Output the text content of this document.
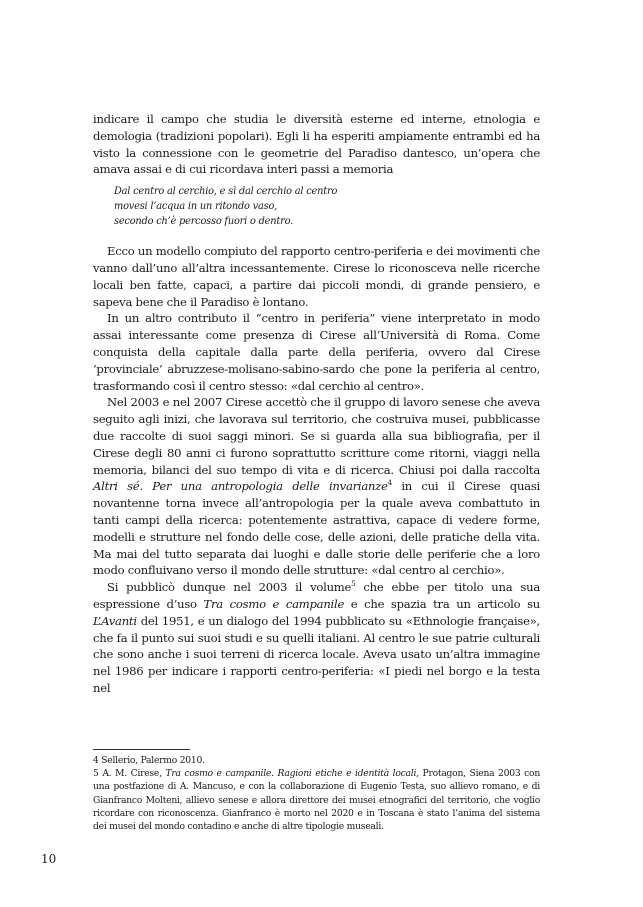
indicare il campo che studia le diversità esterne ed interne, etnologia e demologia (tradizioni popolari). Egli li ha esperiti ampiamente entrambi ed ha visto la connessione con le geometrie del Paradiso dantesco, un’opera che amava assai e di cui ricordava interi passi a memoria

Dal centro al cerchio, e sì dal cerchio al centro
movesi l’acqua in un ritondo vaso,
secondo ch’è percosso fuori o dentro.

Ecco un modello compiuto del rapporto centro-periferia e dei movimenti che vanno dall’uno all’altra incessantemente. Cirese lo riconosceva nelle ricerche locali ben fatte, capaci, a partire dai piccoli mondi, di grande pensiero, e sapeva bene che il Paradiso è lontano.

In un altro contributo il “centro in periferia” viene interpretato in modo assai interessante come presenza di Cirese all’Università di Roma. Come conquista della capitale dalla parte della periferia, ovvero dal Cirese ‘provinciale’ abruzzese-molisano-sabino-sardo che pone la periferia al centro, trasformando così il centro stesso: «dal cerchio al centro».

Nel 2003 e nel 2007 Cirese accettò che il gruppo di lavoro senese che aveva seguito agli inizi, che lavorava sul territorio, che costruiva musei, pubblicasse due raccolte di suoi saggi minori. Se si guarda alla sua bibliografia, per il Cirese degli 80 anni ci furono soprattutto scritture come ritorni, viaggi nella memoria, bilanci del suo tempo di vita e di ricerca. Chiusi poi dalla raccolta Altri sé. Per una antropologia delle invarianze$^4$ in cui il Cirese quasi novantenne torna invece all’antropologia per la quale aveva combattuto in tanti campi della ricerca: potentemente astrattiva, capace di vedere forme, modelli e strutture nel fondo delle cose, delle azioni, delle pratiche della vita. Ma mai del tutto separata dai luoghi e dalle storie delle periferie che a loro modo confluivano verso il mondo delle strutture: «dal centro al cerchio».

Si pubblicò dunque nel 2003 il volume$^5$ che ebbe per titolo una sua espressione d’uso Tra cosmo e campanile e che spazia tra un articolo su L’Avanti del 1951, e un dialogo del 1994 pubblicato su «Ethnologie française», che fa il punto sui suoi studi e su quelli italiani. Al centro le sue patrie culturali che sono anche i suoi terreni di ricerca locale. Aveva usato un’altra immagine nel 1986 per indicare i rapporti centro-periferia: «I piedi nel borgo e la testa nel

4 Sellerio, Palermo 2010.

5 A. M. Cirese, Tra cosmo e campanile. Ragioni etiche e identità locali, Protagon, Siena 2003 con una postfazione di A. Mancuso, e con la collaborazione di Eugenio Testa, suo allievo romano, e di Gianfranco Molteni, allievo senese e allora direttore dei musei etnografici del territorio, che voglio ricordare con riconoscenza. Gianfranco è morto nel 2020 e in Toscana è stato l’anima del sistema dei musei del mondo contadino e anche di altre tipologie museali.

10
